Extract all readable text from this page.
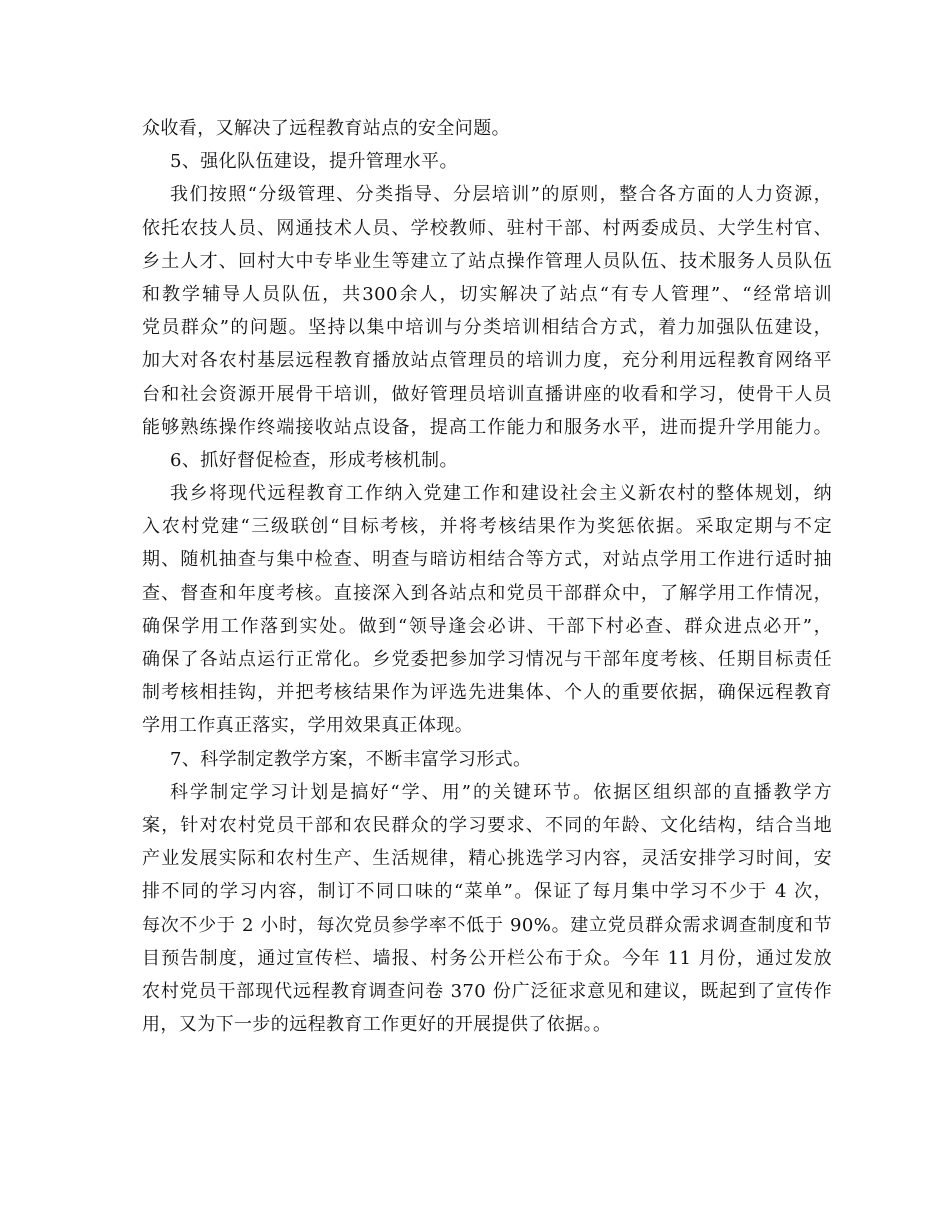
众收看，又解决了远程教育站点的安全问题。
5、强化队伍建设，提升管理水平。
我们按照“分级管理、分类指导、分层培训”的原则，整合各方面的人力资源，
依托农技人员、网通技术人员、学校教师、驻村干部、村两委成员、大学生村官、
乡土人才、回村大中专毕业生等建立了站点操作管理人员队伍、技术服务人员队伍
和教学辅导人员队伍，共300余人，切实解决了站点“有专人管理”、“经常培训
党员群众”的问题。坚持以集中培训与分类培训相结合方式，着力加强队伍建设，
加大对各农村基层远程教育播放站点管理员的培训力度，充分利用远程教育网络平
台和社会资源开展骨干培训，做好管理员培训直播讲座的收看和学习，使骨干人员
能够熟练操作终端接收站点设备，提高工作能力和服务水平，进而提升学用能力。
6、抓好督促检查，形成考核机制。
我乡将现代远程教育工作纳入党建工作和建设社会主义新农村的整体规划，纳
入农村党建“三级联创“目标考核，并将考核结果作为奖惩依据。采取定期与不定
期、随机抽查与集中检查、明查与暗访相结合等方式，对站点学用工作进行适时抽
查、督查和年度考核。直接深入到各站点和党员干部群众中，了解学用工作情况，
确保学用工作落到实处。做到“领导逢会必讲、干部下村必查、群众进点必开”，
确保了各站点运行正常化。乡党委把参加学习情况与干部年度考核、任期目标责任
制考核相挂钩，并把考核结果作为评选先进集体、个人的重要依据，确保远程教育
学用工作真正落实，学用效果真正体现。
7、科学制定教学方案，不断丰富学习形式。
科学制定学习计划是搞好“学、用”的关键环节。依据区组织部的直播教学方
案，针对农村党员干部和农民群众的学习要求、不同的年龄、文化结构，结合当地
产业发展实际和农村生产、生活规律，精心挑选学习内容，灵活安排学习时间，安
排不同的学习内容，制订不同口味的“菜单”。保证了每月集中学习不少于 4 次，
每次不少于 2 小时，每次党员参学率不低于 90%。建立党员群众需求调查制度和节
目预告制度，通过宣传栏、墙报、村务公开栏公布于众。今年 11 月份，通过发放
农村党员干部现代远程教育调查问卷 370 份广泛征求意见和建议，既起到了宣传作
用，又为下一步的远程教育工作更好的开展提供了依据。。
